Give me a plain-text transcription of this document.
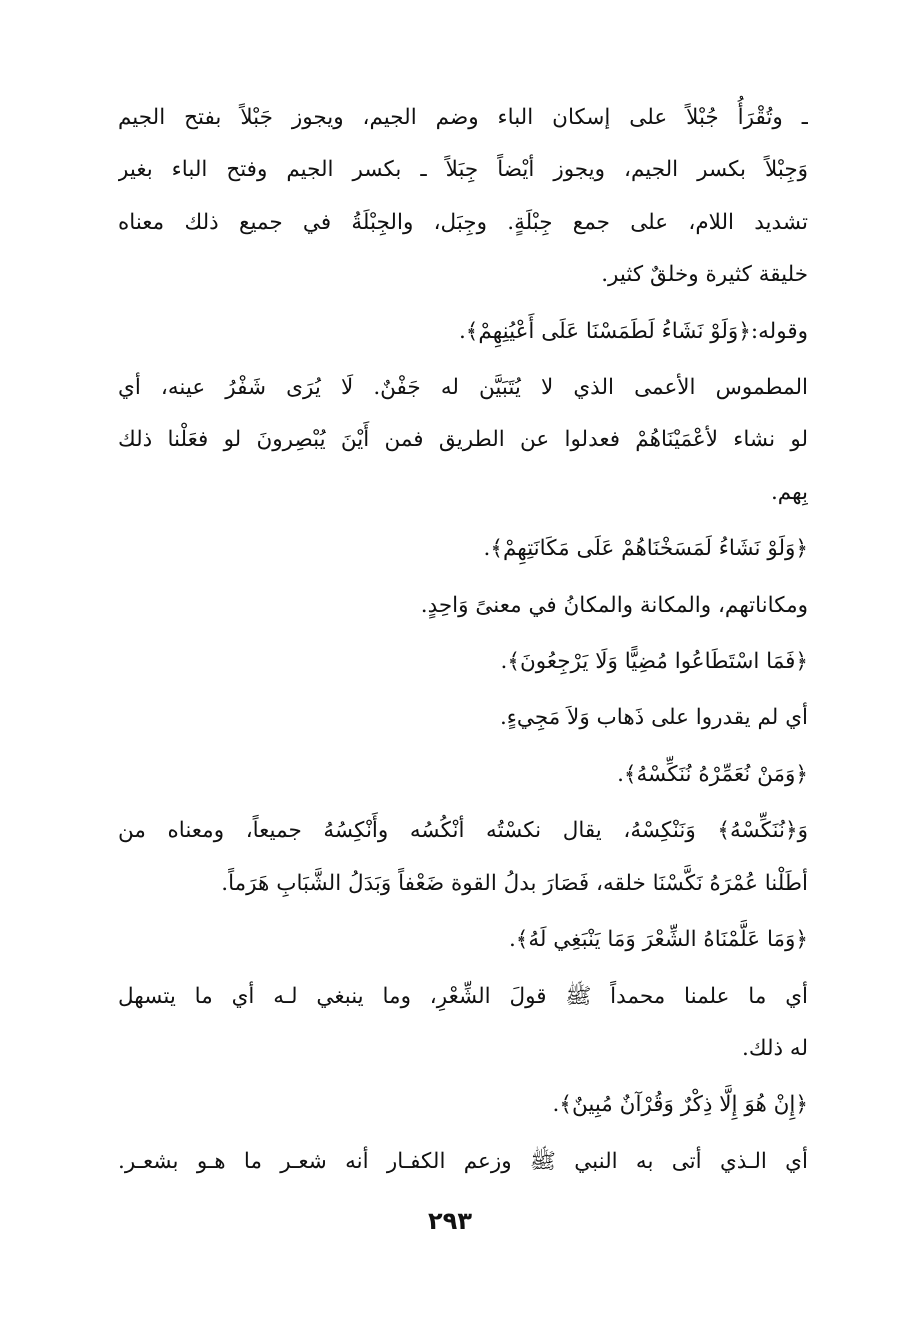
ـ وتُقْرَأُ جُبْلاً على إسكان الباء وضم الجيم، ويجوز جَبْلاً بفتح الجيم
وَجِبْلاً بكسر الجيم، ويجوز أيْضاً جِبَلاً ـ بكسر الجيم وفتح الباء بغير
تشديد اللام، على جمع جِبْلَةٍ. وجِبَل، والجِبْلَةُ في جميع ذلك معناه
خليقة كثيرة وخلقٌ كثير.

وقوله:﴿وَلَوْ نَشَاءُ لَطَمَسْنَا عَلَى أَعْيُنِهِمْ﴾.

المطموس الأعمى الذي لا يُتَبَيَّن له جَفْنٌ. لَا يُرَى شَفْرُ عينه، أي
لو نشاء لأعْمَيْنَاهُمْ فعدلوا عن الطريق فمن أَيْنَ يُبْصِرونَ لو فعَلْنا ذلك
بِهم.

﴿وَلَوْ نَشَاءُ لَمَسَخْنَاهُمْ عَلَى مَكَانَتِهِمْ﴾.

ومكاناتهم، والمكانة والمكانُ في معنىً وَاحِدٍ.

﴿فَمَا اسْتَطَاعُوا مُضِيًّا وَلَا يَرْجِعُونَ﴾.

أي لم يقدروا على ذَهاب وَلاَ مَجِيءٍ.

﴿وَمَنْ نُعَمِّرْهُ نُنَكِّسْهُ﴾.

وَ﴿نُنَكِّسْهُ﴾ وَنَنْكِسْهُ، يقال نكسْتُه أنْكُسُه وأَنْكِسُهُ جميعاً، ومعناه من
أطَلْنا عُمْرَهُ نَكَّسْنَا خلقه، فَصَارَ بدلُ القوة ضَعْفاً وَبَدَلُ الشَّبَابِ هَرَماً.

﴿وَمَا عَلَّمْنَاهُ الشِّعْرَ وَمَا يَنْبَغِي لَهُ﴾.

أي ما علمنا محمداً ﷺ قولَ الشِّعْرِ، وما ينبغي لـه أي ما يتسهل
له ذلك.

﴿إِنْ هُوَ إِلَّا ذِكْرٌ وَقُرْآنٌ مُبِينٌ﴾.

أي الـذي أتى به النبي ﷺ وزعم الكفـار أنه شعـر ما هـو بشعـر.

٢٩٣
